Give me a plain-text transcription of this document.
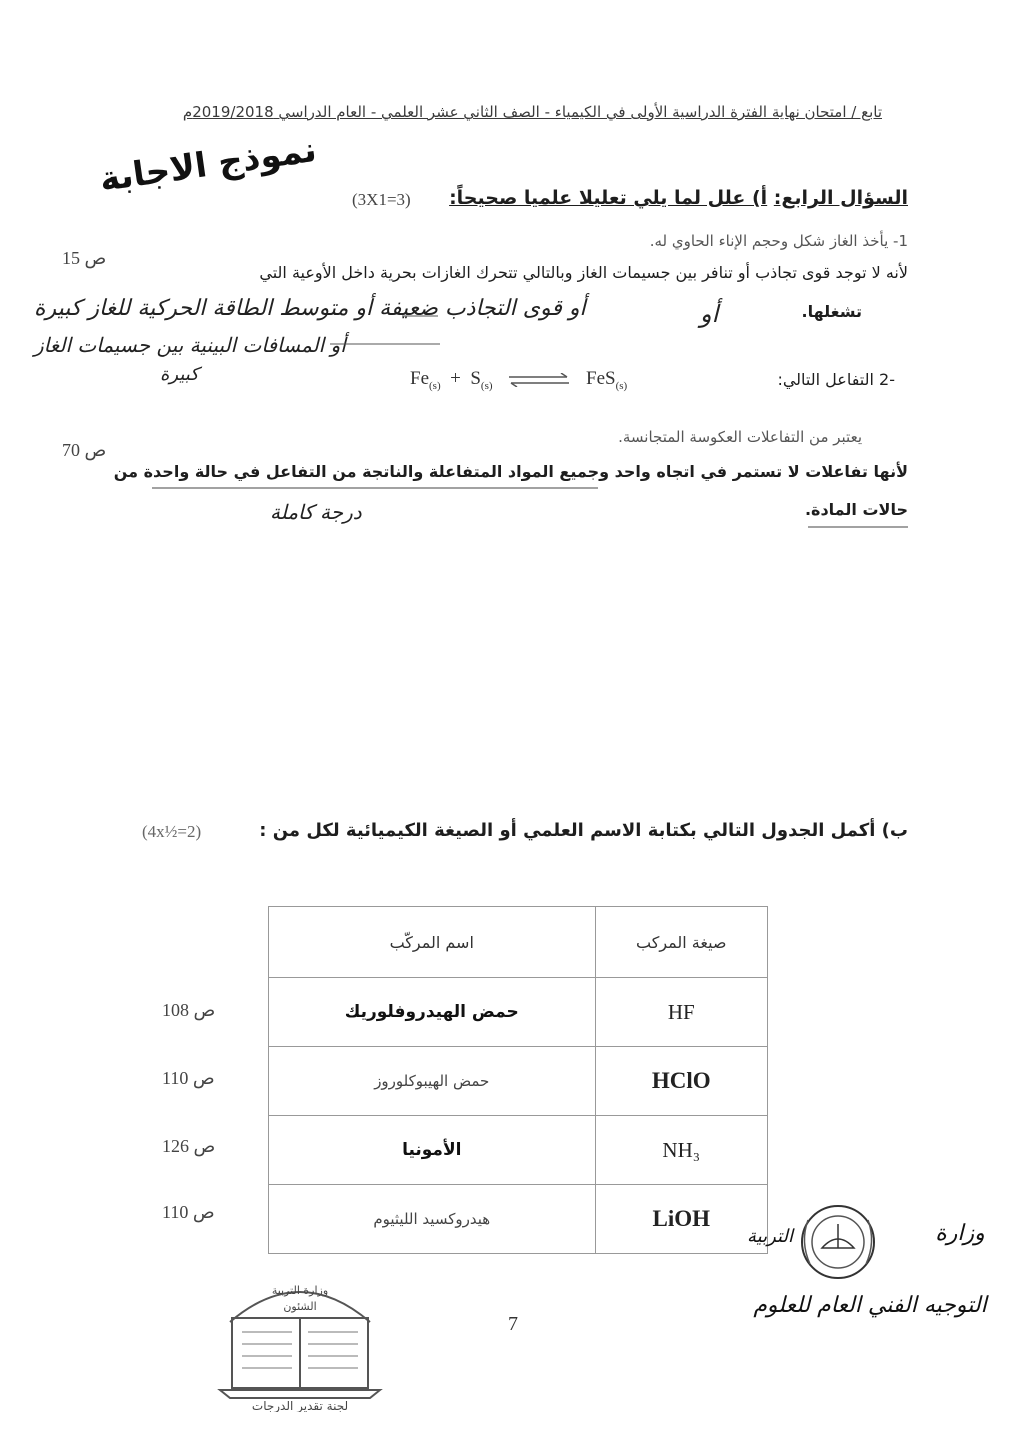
تابع / امتحان نهاية الفترة الدراسية الأولى في الكيمياء - الصف الثاني عشر العلمي - العام الدراسي 2019/2018م
نموذج الاجابة	السؤال الرابع: أ) علل لما يلي تعليلا علميا صحيحاً:
(3X1=3)
1- يأخذ الغاز شكل وحجم الإناء الحاوي له.
ص 15
لأنه لا توجد قوى تجاذب أو تنافر بين جسيمات الغاز وبالتالي تتحرك الغازات بحرية داخل الأوعية التي
تشغلها.
أو
أو قوى التجاذب ضعيفة أو متوسط الطاقة الحركية للغاز كبيرة
أو المسافات البينية بين جسيمات الغاز
كبيرة	-2 التفاعل التالي:
$Fe_{(s)} + S_{(s)}$ ⇌ FeS$_{(s)}$
يعتبر من التفاعلات العكوسة المتجانسة.
ص 70
لأنها تفاعلات لا تستمر في اتجاه واحد وجميع المواد المتفاعلة والناتجة من التفاعل في حالة واحدة من
حالات المادة.
درجة كاملة
ب) أكمل الجدول التالي بكتابة الاسم العلمي أو الصيغة الكيميائية لكل من :
(4x½=2)
صيغة المركب	اسم المركّب
HF	حمض الهيدروفلوريك
HClO	حمض الهيبوكلوروز
NH₃	الأمونيا
LiOH	هيدروكسيد الليثيوم
ص 108
ص 110
ص 126
ص 110
وزارة التربية
الشئون
لجنة تقدير الدرجات
7
وزارة
التربية
التوجيه الفني العام للعلوم
